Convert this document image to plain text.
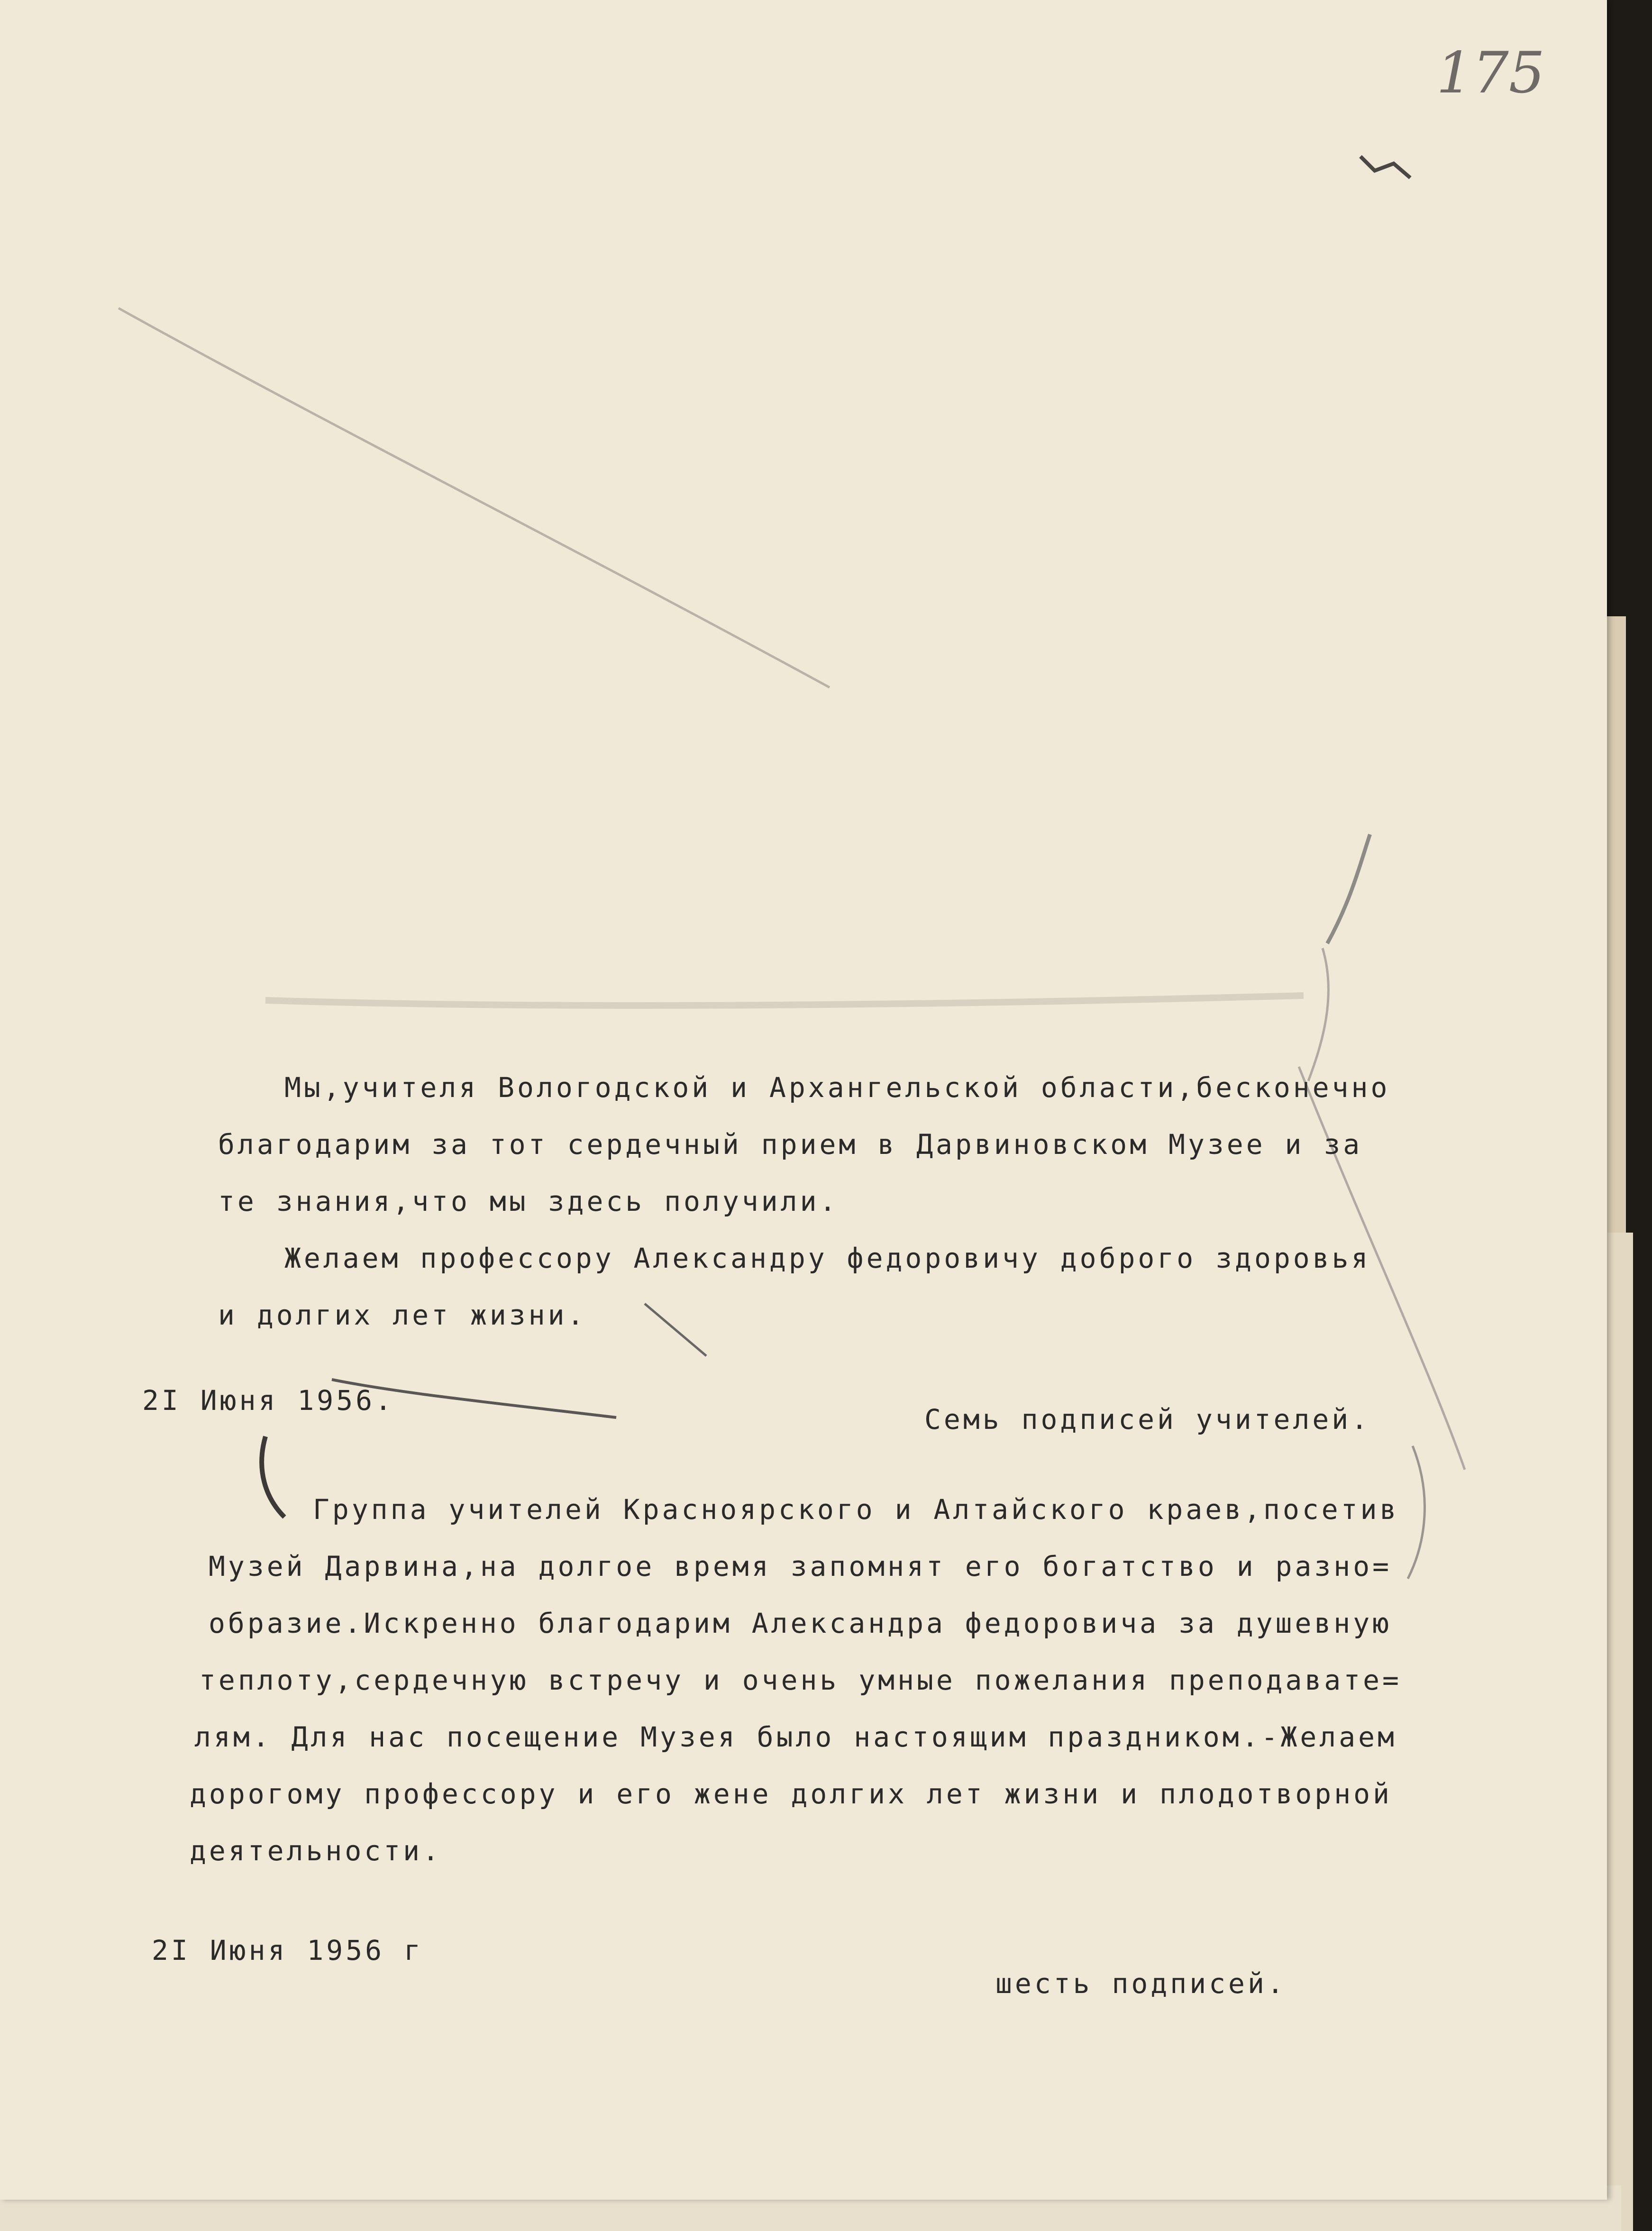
175
Мы,учителя Вологодской и Архангельской области,бесконечно
благодарим за тот сердечный прием в Дарвиновском Музее и за
те знания,что мы здесь получили.
Желаем профессору Александру федоровичу доброго здоровья
и долгих лет жизни.
2I Июня 1956.
Семь подписей учителей.
Группа учителей Красноярского и Алтайского краев,посетив
Музей Дарвина,на долгое время запомнят его богатство и разно=
образие.Искренно благодарим Александра федоровича за душевную
теплоту,сердечную встречу и очень умные пожелания преподавате=
лям. Для нас посещение Музея было настоящим праздником.-Желаем
дорогому профессору и его жене долгих лет жизни и плодотворной
деятельности.
2I Июня 1956 г
шесть подписей.
